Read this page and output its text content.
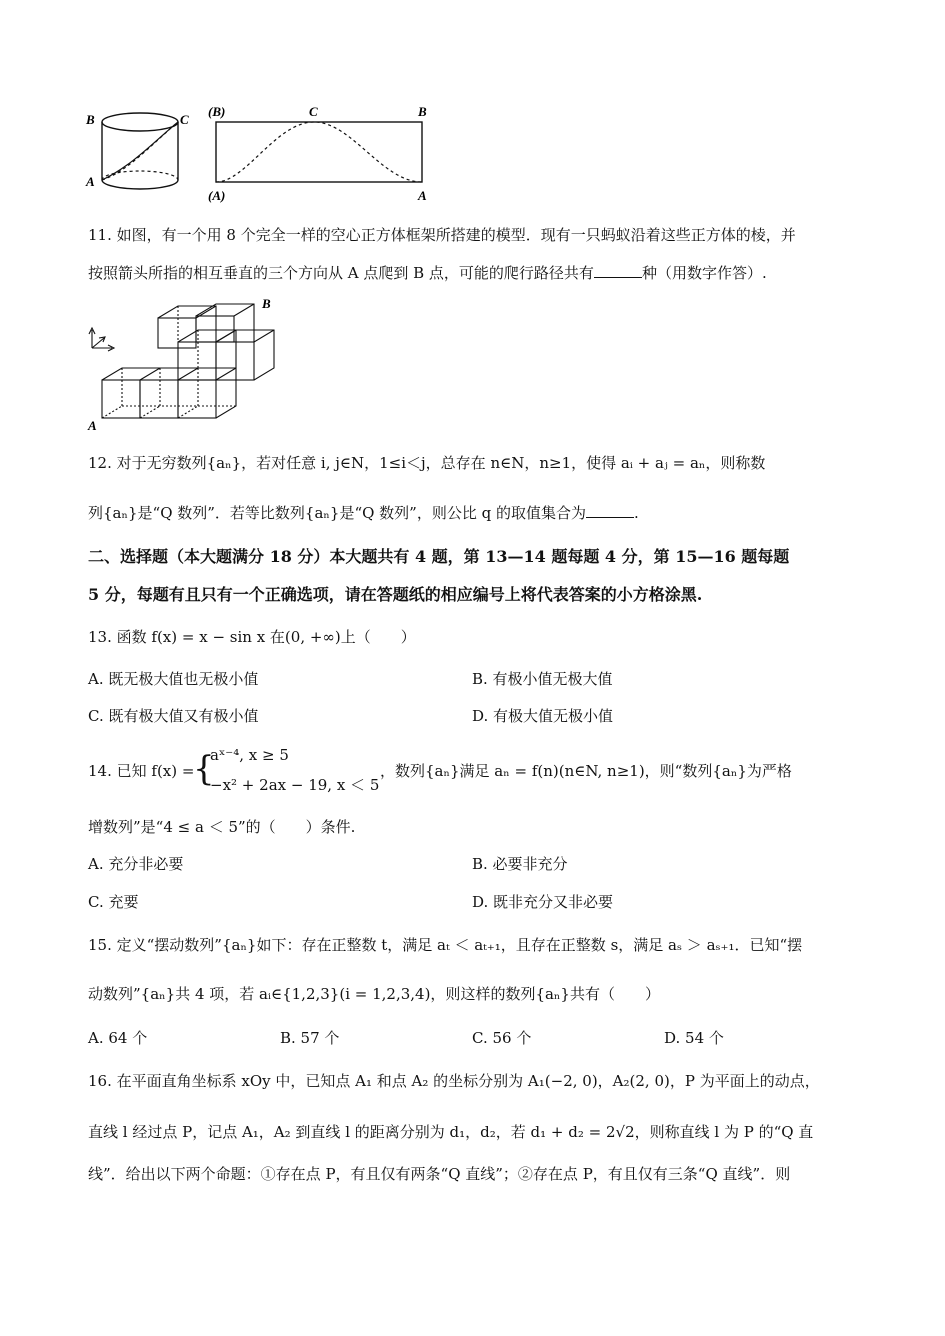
B	C
A
(B)	C	B
(A)	A
11. 如图，有一个用 8 个完全一样的空心正方体框架所搭建的模型．现有一只蚂蚁沿着这些正方体的棱，并
按照箭头所指的相互垂直的三个方向从 A 点爬到 B 点，可能的爬行路径共有	种（用数字作答）.
B
A
12. 对于无穷数列{aₙ}，若对任意 i, j∈N，1≤i＜j，总存在 n∈N，n≥1，使得 aᵢ + aⱼ = aₙ，则称数
列{aₙ}是“Q 数列”．若等比数列{aₙ}是“Q 数列”，则公比 q 的取值集合为	.
二、选择题（本大题满分 18 分）本大题共有 4 题，第 13—14 题每题 4 分，第 15—16 题每题
5 分，每题有且只有一个正确选项，请在答题纸的相应编号上将代表答案的小方格涂黑.
13. 函数 f(x) = x − sin x 在(0, +∞)上（　　）
A. 既无极大值也无极小值	B. 有极小值无极大值
C. 既有极大值又有极小值	D. 有极大值无极小值
14. 已知 f(x) =
{
aˣ⁻⁴, x ≥ 5
−x² + 2ax − 19, x ＜ 5
，数列{aₙ}满足 aₙ = f(n)(n∈N, n≥1)，则“数列{aₙ}为严格
增数列”是“4 ≤ a ＜ 5”的（　　）条件.
A. 充分非必要	B. 必要非充分
C. 充要	D. 既非充分又非必要
15. 定义“摆动数列”{aₙ}如下：存在正整数 t，满足 aₜ ＜ aₜ₊₁，且存在正整数 s，满足 aₛ ＞ aₛ₊₁．已知“摆
动数列”{aₙ}共 4 项，若 aᵢ∈{1,2,3}(i = 1,2,3,4)，则这样的数列{aₙ}共有（　　）
A. 64 个	B. 57 个	C. 56 个	D. 54 个
16. 在平面直角坐标系 xOy 中，已知点 A₁ 和点 A₂ 的坐标分别为 A₁(−2, 0)，A₂(2, 0)，P 为平面上的动点，
直线 l 经过点 P，记点 A₁，A₂ 到直线 l 的距离分别为 d₁，d₂，若 d₁ + d₂ = 2√2，则称直线 l 为 P 的“Q 直
线”．给出以下两个命题：①存在点 P，有且仅有两条“Q 直线”；②存在点 P，有且仅有三条“Q 直线”．则
